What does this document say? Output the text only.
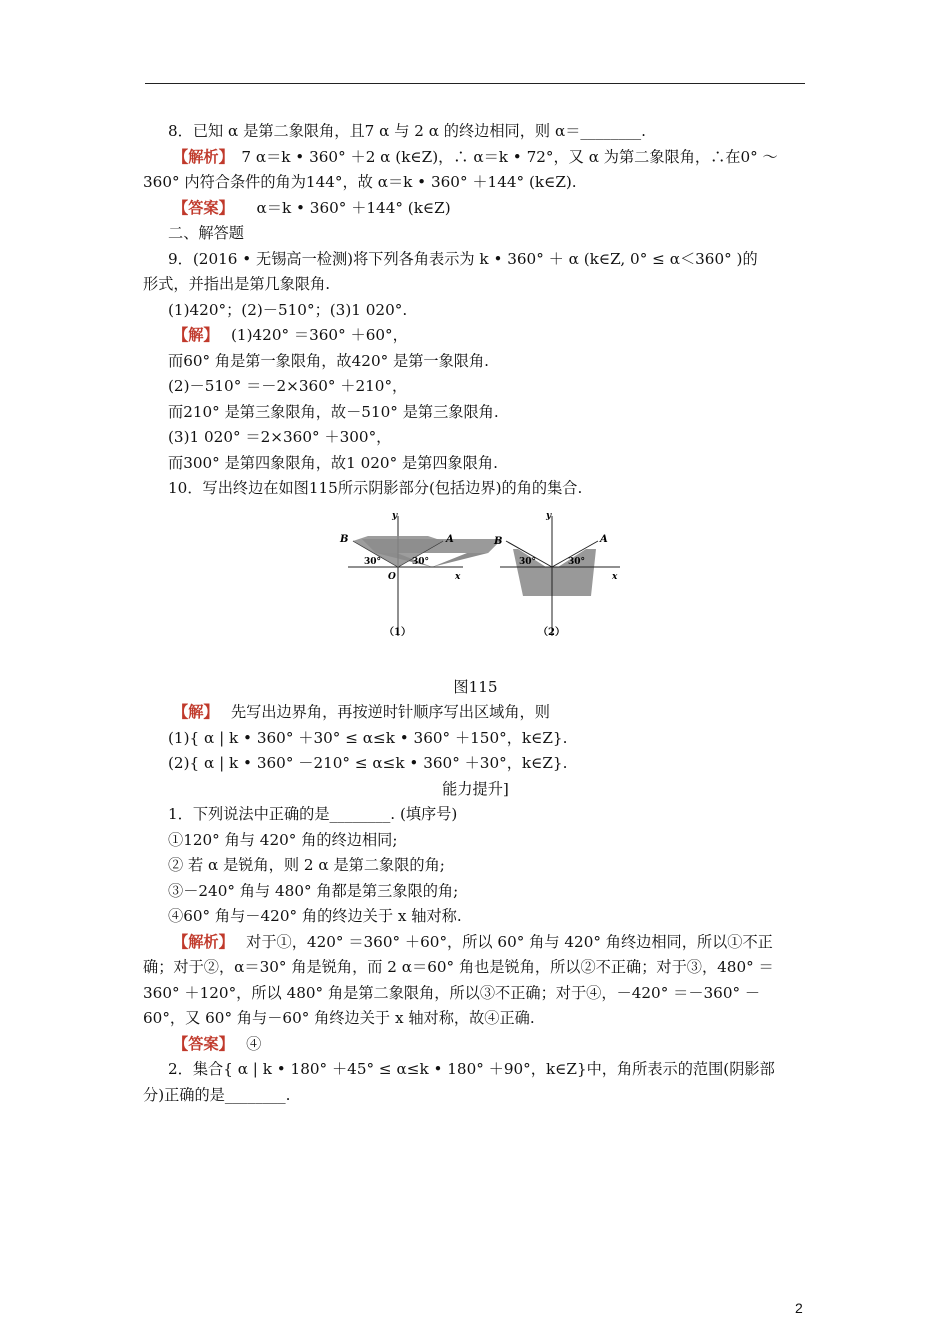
8．已知 α 是第二象限角，且7 α 与 2 α 的终边相同，则 α＝________.
【解析】　 7 α＝k • 360° ＋2 α (k∈Z)，∴ α＝k • 72°，又 α 为第二象限角，∴在0° ～
360° 内符合条件的角为144°，故 α＝k • 360° ＋144° (k∈Z).
【答案】　　 α＝k • 360° ＋144° (k∈Z)
二、解答题
9．(2016 • 无锡高一检测)将下列各角表示为 k • 360° ＋ α (k∈Z, 0° ≤ α＜360° )的
形式，并指出是第几象限角.
(1)420°；(2)－510°；(3)1 020°.
【解】　 (1)420° ＝360° ＋60°，
而60° 角是第一象限角，故420° 是第一象限角.
(2)－510° ＝－2×360° ＋210°，
而210° 是第三象限角，故－510° 是第三象限角.
(3)1 020° ＝2×360° ＋300°，
而300° 是第四象限角，故1 020° 是第四象限角.
10．写出终边在如图115所示阴影部分(包括边界)的角的集合.
y
B	A
O	x
30°	30°
（1）
y
B	A
x
30°	30°
（2）
图115
【解】　 先写出边界角，再按逆时针顺序写出区域角，则
(1){ α | k • 360° ＋30° ≤ α≤k • 360° ＋150°，k∈Z}.
(2){ α | k • 360° －210° ≤ α≤k • 360° ＋30°，k∈Z}.
能力提升]
1．下列说法中正确的是________. (填序号)
①120° 角与 420° 角的终边相同;
② 若 α 是锐角，则 2 α 是第二象限的角;
③－240° 角与 480° 角都是第三象限的角;
④60° 角与－420° 角的终边关于 x 轴对称.
【解析】　 对于①，420° ＝360° ＋60°，所以 60° 角与 420° 角终边相同，所以①不正
确；对于②，α＝30° 角是锐角，而 2 α＝60° 角也是锐角，所以②不正确；对于③，480° ＝
360° ＋120°，所以 480° 角是第二象限角，所以③不正确；对于④，－420° ＝－360° －
60°，又 60° 角与－60° 角终边关于 x 轴对称，故④正确.
【答案】　 ④
2．集合{ α | k • 180° ＋45° ≤ α≤k • 180° ＋90°，k∈Z}中，角所表示的范围(阴影部
分)正确的是________.
2
